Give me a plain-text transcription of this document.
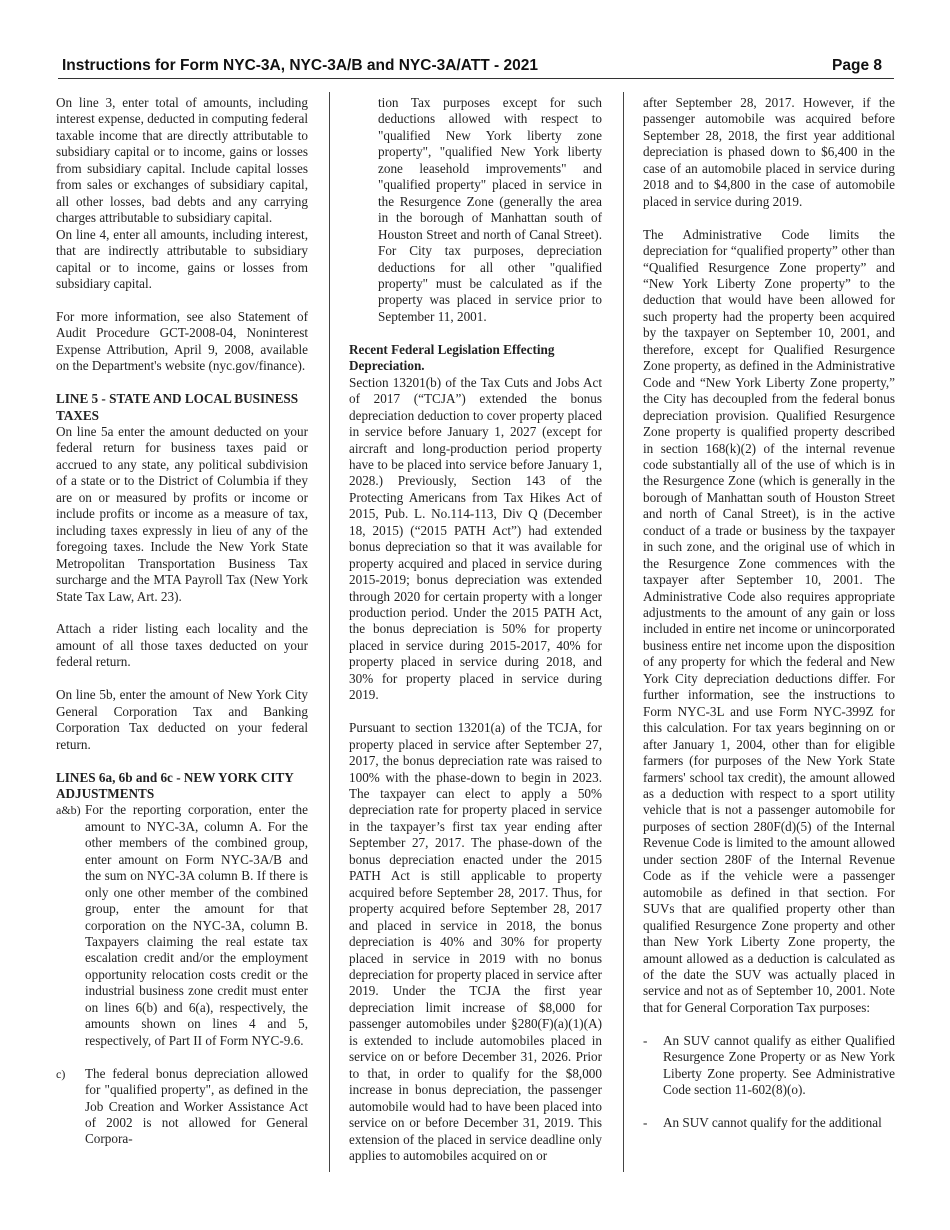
Instructions for Form NYC-3A, NYC-3A/B and NYC-3A/ATT - 2021	Page 8

On line 3, enter total of amounts, including interest expense, deducted in computing federal taxable income that are directly attributable to subsidiary capital or to income, gains or losses from subsidiary capital. Include capital losses from sales or exchanges of subsidiary capital, all other losses, bad debts and any carrying charges attributable to subsidiary capital.

On line 4, enter all amounts, including interest, that are indirectly attributable to subsidiary capital or to income, gains or losses from subsidiary capital.

For more information, see also Statement of Audit Procedure GCT-2008-04, Noninterest Expense Attribution, April 9, 2008, available on the Department's website (nyc.gov/finance).

LINE 5 - STATE AND LOCAL BUSINESS TAXES

On line 5a enter the amount deducted on your federal return for business taxes paid or accrued to any state, any political subdivision of a state or to the District of Columbia if they are on or measured by profits or income or include profits or income as a measure of tax, including taxes expressly in lieu of any of the foregoing taxes. Include the New York State Metropolitan Transportation Business Tax surcharge and the MTA Payroll Tax (New York State Tax Law, Art. 23).

Attach a rider listing each locality and the amount of all those taxes deducted on your federal return.

On line 5b, enter the amount of New York City General Corporation Tax and Banking Corporation Tax deducted on your federal return.

LINES 6a, 6b and 6c - NEW YORK CITY ADJUSTMENTS

a&b) For the reporting corporation, enter the amount to NYC-3A, column A. For the other members of the combined group, enter amount on Form NYC-3A/B and the sum on NYC-3A column B. If there is only one other member of the combined group, enter the amount for that corporation on the NYC-3A, column B. Taxpayers claiming the real estate tax escalation credit and/or the employment opportunity relocation costs credit or the industrial business zone credit must enter on lines 6(b) and 6(a), respectively, the amounts shown on lines 4 and 5, respectively, of Part II of Form NYC-9.6.

c) The federal bonus depreciation allowed for "qualified property", as defined in the Job Creation and Worker Assistance Act of 2002 is not allowed for General Corpora-

tion Tax purposes except for such deductions allowed with respect to "qualified New York liberty zone property", "qualified New York liberty zone leasehold improvements" and "qualified property" placed in service in the Resurgence Zone (generally the area in the borough of Manhattan south of Houston Street and north of Canal Street). For City tax purposes, depreciation deductions for all other "qualified property" must be calculated as if the property was placed in service prior to September 11, 2001.

Recent Federal Legislation Effecting Depreciation.

Section 13201(b) of the Tax Cuts and Jobs Act of 2017 (“TCJA”) extended the bonus depreciation deduction to cover property placed in service before January 1, 2027 (except for aircraft and long-production period property have to be placed into service before January 1, 2028.) Previously, Section 143 of the Protecting Americans from Tax Hikes Act of 2015, Pub. L. No.114-113, Div Q (December 18, 2015) (“2015 PATH Act”) had extended bonus depreciation so that it was available for property acquired and placed in service during 2015-2019; bonus depreciation was extended through 2020 for certain property with a longer production period. Under the 2015 PATH Act, the bonus depreciation is 50% for property placed in service during 2015-2017, 40% for property placed in service during 2018, and 30% for property placed in service during 2019.

Pursuant to section 13201(a) of the TCJA, for property placed in service after September 27, 2017, the bonus depreciation rate was raised to 100% with the phase-down to begin in 2023. The taxpayer can elect to apply a 50% depreciation rate for property placed in service in the taxpayer’s first tax year ending after September 27, 2017. The phase-down of the bonus depreciation enacted under the 2015 PATH Act is still applicable to property acquired before September 28, 2017. Thus, for property acquired before September 28, 2017 and placed in service in 2018, the bonus depreciation is 40% and 30% for property placed in service in 2019 with no bonus depreciation for property placed in service after 2019. Under the TCJA the first year depreciation limit increase of $8,000 for passenger automobiles under §280(F)(a)(1)(A) is extended to include automobiles placed in service on or before December 31, 2026. Prior to that, in order to qualify for the $8,000 increase in bonus depreciation, the passenger automobile would had to have been placed into service on or before December 31, 2019. This extension of the placed in service deadline only applies to automobiles acquired on or

after September 28, 2017. However, if the passenger automobile was acquired before September 28, 2018, the first year additional depreciation is phased down to $6,400 in the case of an automobile placed in service during 2018 and to $4,800 in the case of automobile placed in service during 2019.

The Administrative Code limits the depreciation for “qualified property” other than “Qualified Resurgence Zone property” and “New York Liberty Zone property” to the deduction that would have been allowed for such property had the property been acquired by the taxpayer on September 10, 2001, and therefore, except for Qualified Resurgence Zone property, as defined in the Administrative Code and “New York Liberty Zone property,” the City has decoupled from the federal bonus depreciation provision. Qualified Resurgence Zone property is qualified property described in section 168(k)(2) of the internal revenue code substantially all of the use of which is in the Resurgence Zone (which is generally in the borough of Manhattan south of Houston Street and north of Canal Street), is in the active conduct of a trade or business by the taxpayer in such zone, and the original use of which in the Resurgence Zone commences with the taxpayer after September 10, 2001. The Administrative Code also requires appropriate adjustments to the amount of any gain or loss included in entire net income or unincorporated business entire net income upon the disposition of any property for which the federal and New York City depreciation deductions differ. For further information, see the instructions to Form NYC-3L and use Form NYC-399Z for this calculation. For tax years beginning on or after January 1, 2004, other than for eligible farmers (for purposes of the New York State farmers' school tax credit), the amount allowed as a deduction with respect to a sport utility vehicle that is not a passenger automobile for purposes of section 280F(d)(5) of the Internal Revenue Code is limited to the amount allowed under section 280F of the Internal Revenue Code as if the vehicle were a passenger automobile as defined in that section. For SUVs that are qualified property other than qualified Resurgence Zone property and other than New York Liberty Zone property, the amount allowed as a deduction is calculated as of the date the SUV was actually placed in service and not as of September 10, 2001. Note that for General Corporation Tax purposes:

- An SUV cannot qualify as either Qualified Resurgence Zone Property or as New York Liberty Zone property. See Administrative Code section 11-602(8)(o).

- An SUV cannot qualify for the additional
